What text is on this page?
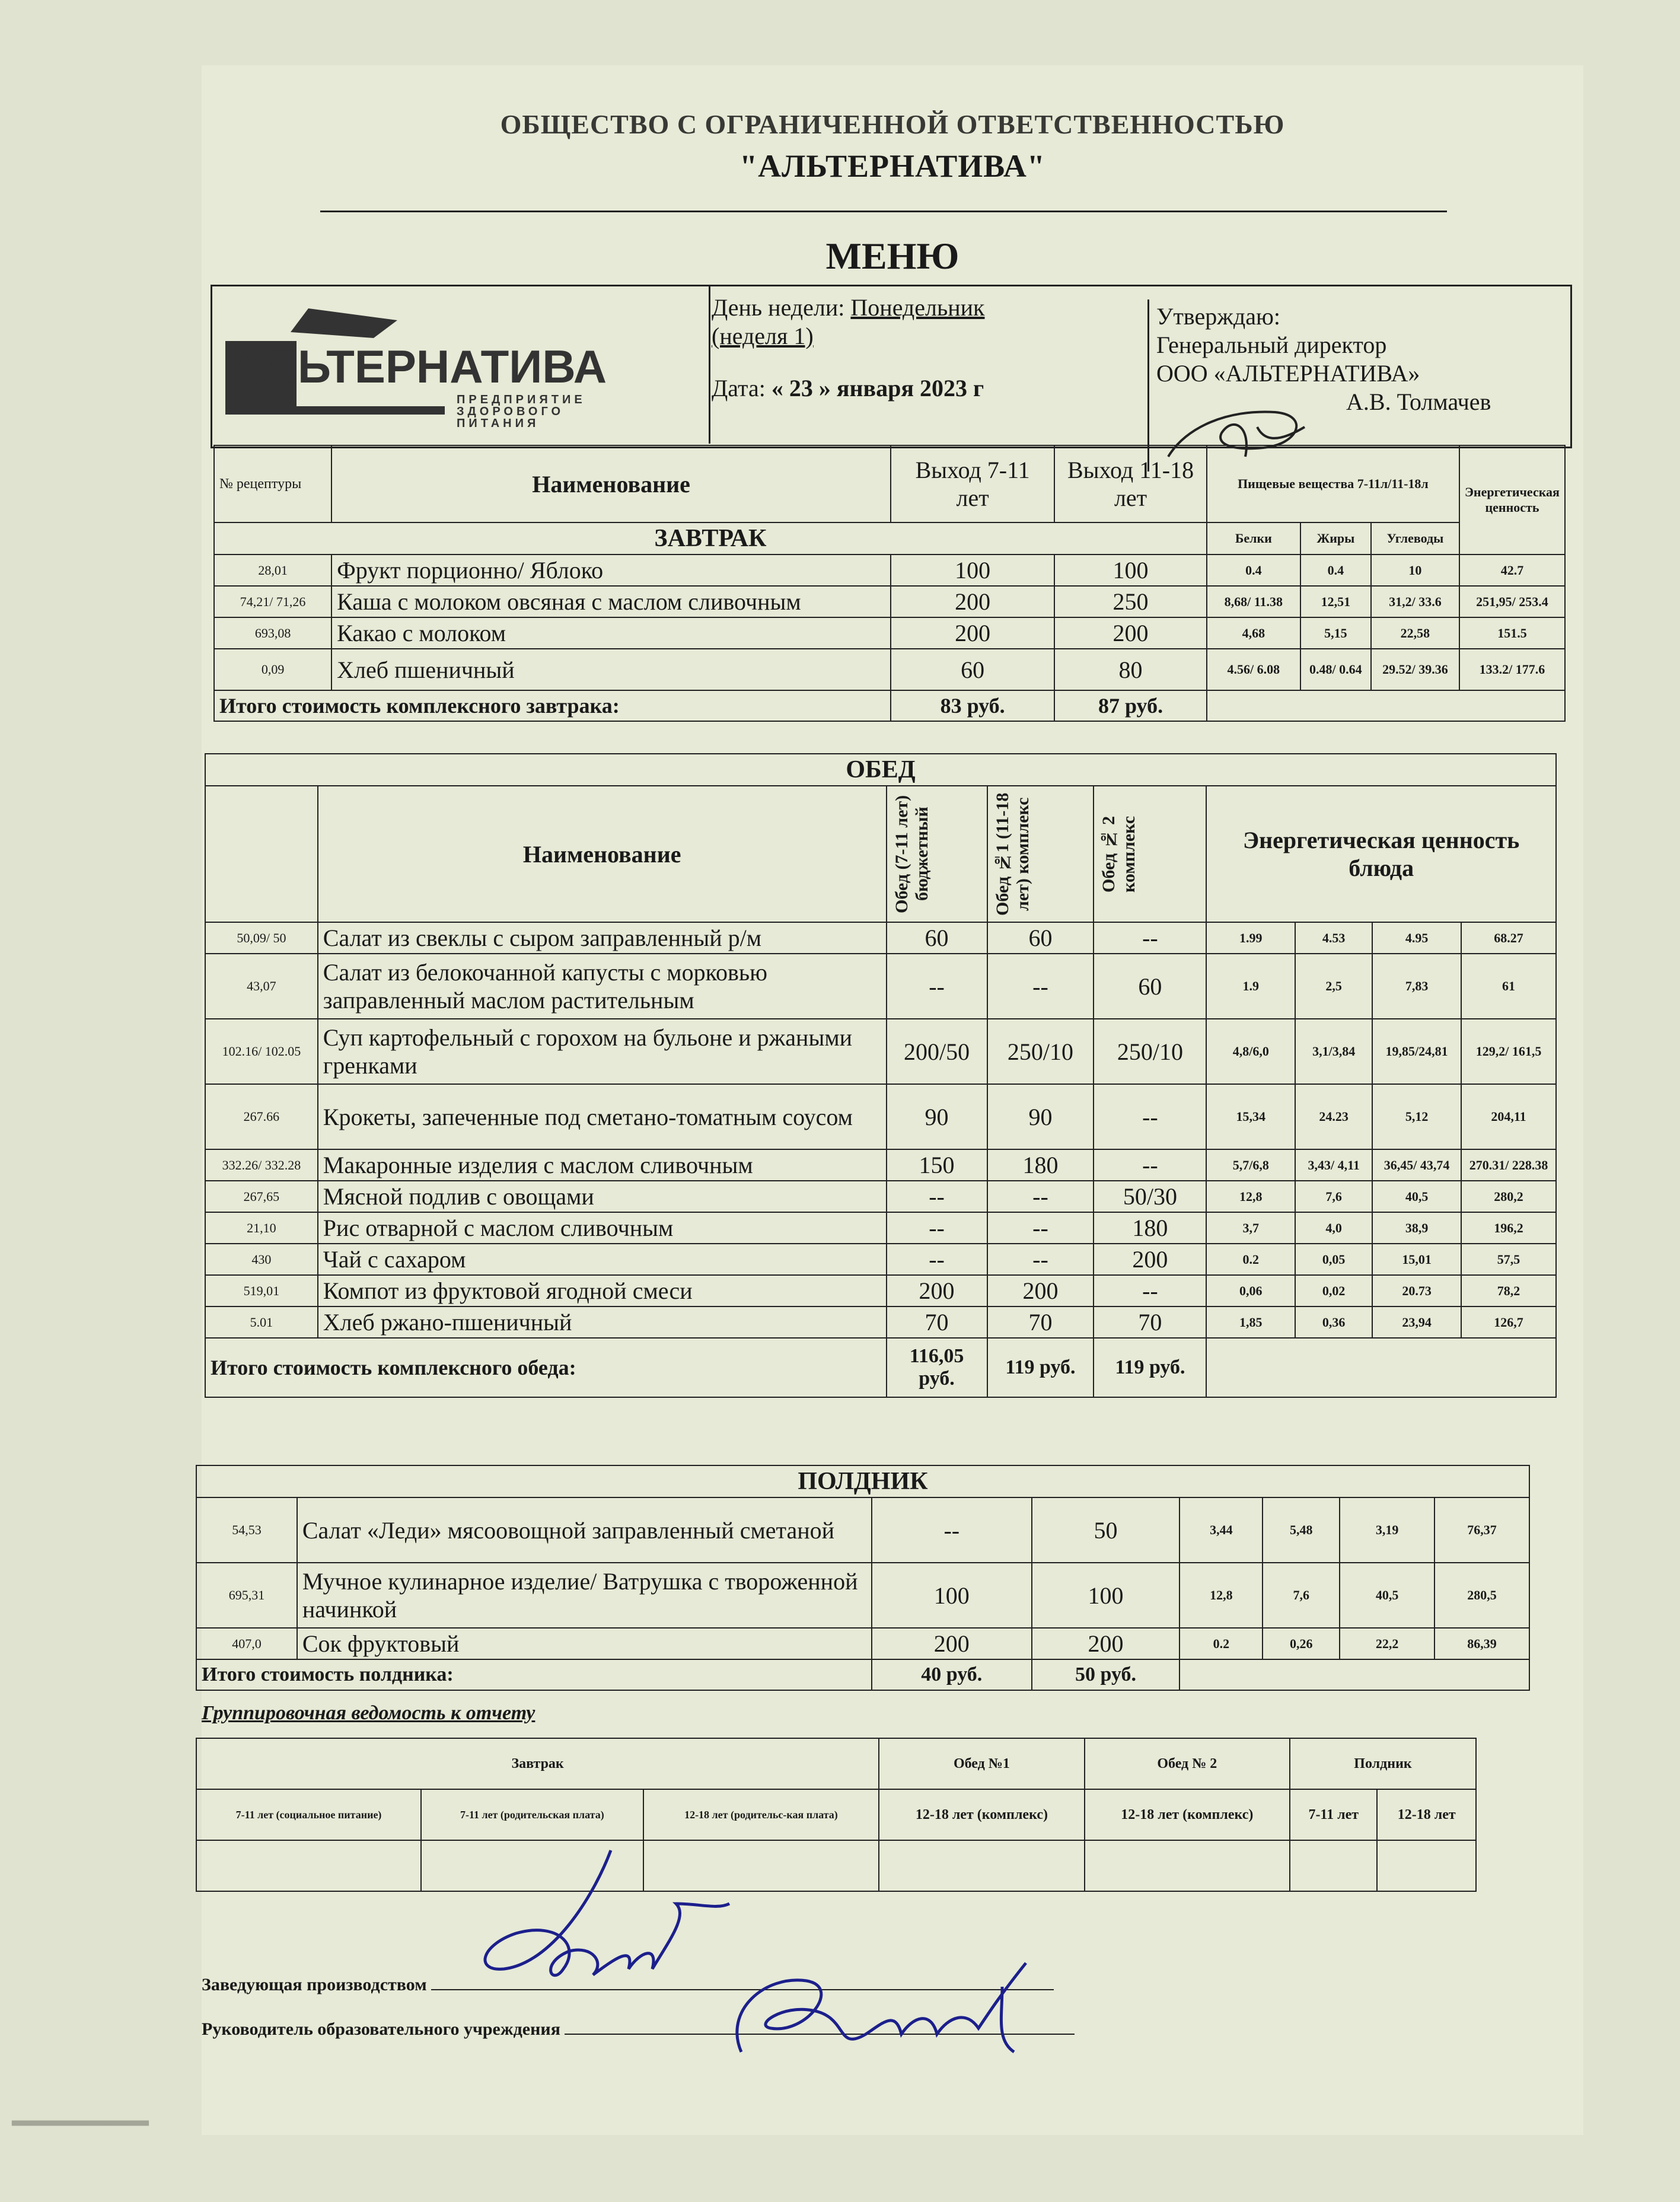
ОБЩЕСТВО С ОГРАНИЧЕННОЙ ОТВЕТСТВЕННОСТЬЮ
"АЛЬТЕРНАТИВА"
МЕНЮ
АЛЬТЕРНАТИВА
ПРЕДПРИЯТИЕ
ЗДОРОВОГО
ПИТАНИЯ
День недели: Понедельник
(неделя 1)
Дата: « 23 » января 2023 г
Утверждаю:
Генеральный директор
ООО «АЛЬТЕРНАТИВА»
А.В. Толмачев
№ рецептуры	Наименование	Выход 7-11 лет	Выход 11-18 лет	Пищевые вещества 7-11л/11-18л			Энергетическая ценность
ЗАВТРАК				Белки	Жиры	Углеводы	
28,01	Фрукт порционно/ Яблоко	100	100	0.4	0.4	10	42.7
74,21/ 71,26	Каша с молоком овсяная с маслом сливочным	200	250	8,68/ 11.38	12,51	31,2/ 33.6	251,95/ 253.4
693,08	Какао с молоком	200	200	4,68	5,15	22,58	151.5
0,09	Хлеб пшеничный	60	80	4.56/ 6.08	0.48/ 0.64	29.52/ 39.36	133.2/ 177.6
Итого стоимость комплексного завтрака:		83 руб.	87 руб.				
ОБЕД								
	Наименование	Обед (7-11 лет) бюджетный	Обед №1 (11-18 лет) комплекс	Обед № 2 комплекс	Энергетическая ценность блюда			
50,09/ 50	Салат из свеклы с сыром заправленный р/м	60	60	--	1.99	4.53	4.95	68.27
43,07	Салат из белокочанной капусты с морковью заправленный маслом растительным	--	--	60	1.9	2,5	7,83	61
102.16/ 102.05	Суп картофельный с горохом на бульоне и ржаными гренками	200/50	250/10	250/10	4,8/6,0	3,1/3,84	19,85/24,81	129,2/ 161,5
267.66	Крокеты, запеченные под сметано-томатным соусом	90	90	--	15,34	24.23	5,12	204,11
332.26/ 332.28	Макаронные изделия с маслом сливочным	150	180	--	5,7/6,8	3,43/ 4,11	36,45/ 43,74	270.31/ 228.38
267,65	Мясной подлив с овощами	--	--	50/30	12,8	7,6	40,5	280,2
21,10	Рис отварной с маслом сливочным	--	--	180	3,7	4,0	38,9	196,2
430	Чай с сахаром	--	--	200	0.2	0,05	15,01	57,5
519,01	Компот из фруктовой ягодной смеси	200	200	--	0,06	0,02	20.73	78,2
5.01	Хлеб ржано-пшеничный	70	70	70	1,85	0,36	23,94	126,7
Итого стоимость комплексного обеда:		116,05 руб.	119 руб.	119 руб.				
ПОЛДНИК							
54,53	Салат «Леди» мясоовощной заправленный сметаной	--	50	3,44	5,48	3,19	76,37
695,31	Мучное кулинарное изделие/ Ватрушка с твороженной начинкой	100	100	12,8	7,6	40,5	280,5
407,0	Сок фруктовый	200	200	0.2	0,26	22,2	86,39
Итого стоимость полдника:		40 руб.	50 руб.				
Группировочная ведомость к отчету
Завтрак			Обед №1	Обед № 2	Полдник	
7-11 лет (социальное питание)	7-11 лет (родительская плата)	12-18 лет (родительс-кая плата)	12-18 лет (комплекс)	12-18 лет (комплекс)	7-11 лет	12-18 лет

Заведующая производством
Руководитель образовательного учреждения
▂▂▂▂▂▂▂▂▂▂
